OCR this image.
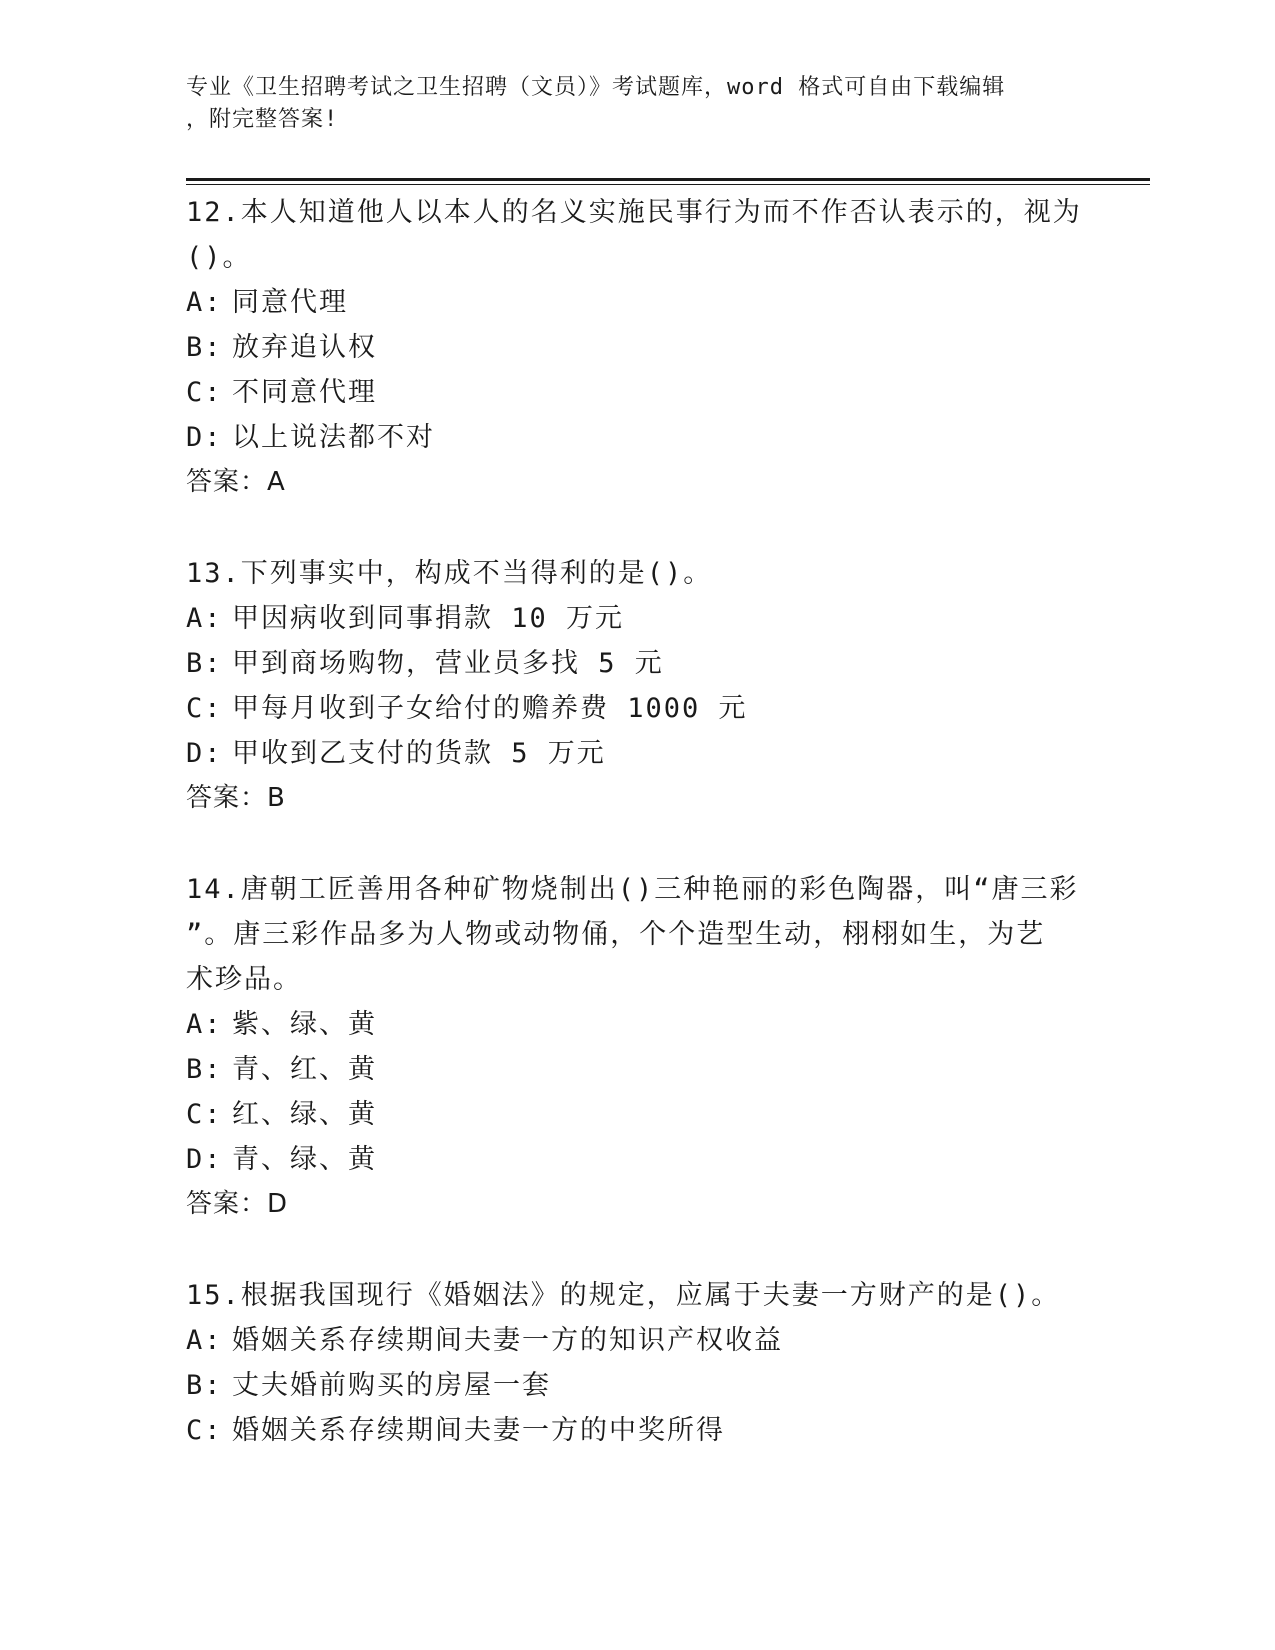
专业《卫生招聘考试之卫生招聘（文员）》考试题库，word 格式可自由下载编辑
，附完整答案!
12.本人知道他人以本人的名义实施民事行为而不作否认表示的，视为
()。
A: 同意代理
B: 放弃追认权
C: 不同意代理
D: 以上说法都不对
答案：A
13.下列事实中，构成不当得利的是()。
A: 甲因病收到同事捐款 10 万元
B: 甲到商场购物，营业员多找 5 元
C: 甲每月收到子女给付的赡养费 1000 元
D: 甲收到乙支付的货款 5 万元
答案：B
14.唐朝工匠善用各种矿物烧制出()三种艳丽的彩色陶器，叫“唐三彩
”。唐三彩作品多为人物或动物俑，个个造型生动，栩栩如生，为艺
术珍品。
A: 紫、绿、黄
B: 青、红、黄
C: 红、绿、黄
D: 青、绿、黄
答案：D
15.根据我国现行《婚姻法》的规定，应属于夫妻一方财产的是()。
A: 婚姻关系存续期间夫妻一方的知识产权收益
B: 丈夫婚前购买的房屋一套
C: 婚姻关系存续期间夫妻一方的中奖所得
